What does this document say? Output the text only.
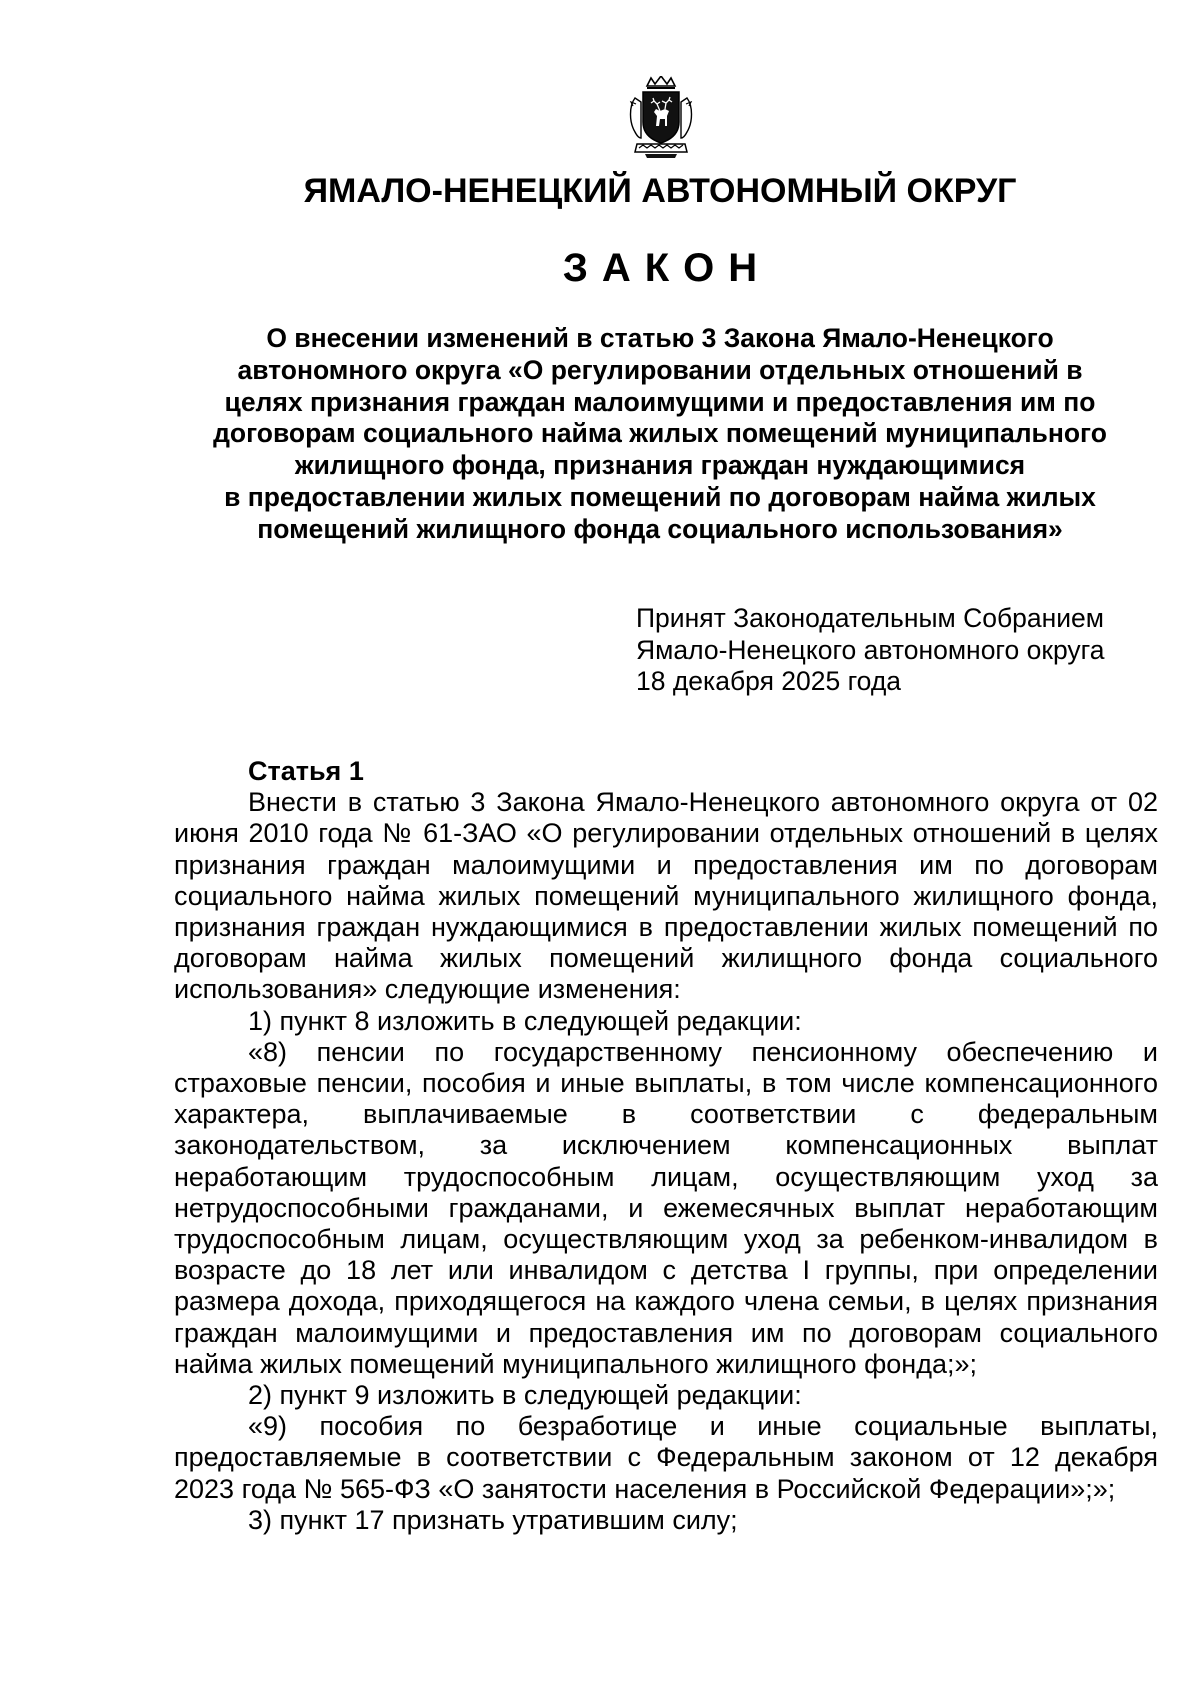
ЯМАЛО-НЕНЕЦКИЙ АВТОНОМНЫЙ ОКРУГ
ЗАКОН
О внесении изменений в статью 3 Закона Ямало-Ненецкого
автономного округа «О регулировании отдельных отношений в
целях признания граждан малоимущими и предоставления им по
договорам социального найма жилых помещений муниципального
жилищного фонда, признания граждан нуждающимися
в предоставлении жилых помещений по договорам найма жилых
помещений жилищного фонда социального использования»
Принят Законодательным Собранием
Ямало-Ненецкого автономного округа
18 декабря 2025 года
Статья 1

Внести в статью 3 Закона Ямало-Ненецкого автономного округа от 02 июня 2010 года № 61-ЗАО «О регулировании отдельных отношений в целях признания граждан малоимущими и предоставления им по договорам социального найма жилых помещений муниципального жилищного фонда, признания граждан нуждающимися в предоставлении жилых помещений по договорам найма жилых помещений жилищного фонда социального использования» следующие изменения:

1) пункт 8 изложить в следующей редакции:

«8) пенсии по государственному пенсионному обеспечению и страховые пенсии, пособия и иные выплаты, в том числе компенсационного характера, выплачиваемые в соответствии с федеральным законодательством, за исключением компенсационных выплат неработающим трудоспособным лицам, осуществляющим уход за нетрудоспособными гражданами, и ежемесячных выплат неработающим трудоспособным лицам, осуществляющим уход за ребенком-инвалидом в возрасте до 18 лет или инвалидом с детства I группы, при определении размера дохода, приходящегося на каждого члена семьи, в целях признания граждан малоимущими и предоставления им по договорам социального найма жилых помещений муниципального жилищного фонда;»;

2) пункт 9 изложить в следующей редакции:

«9) пособия по безработице и иные социальные выплаты, предоставляемые в соответствии с Федеральным законом от 12 декабря 2023 года № 565-ФЗ «О занятости населения в Российской Федерации»;»;

3) пункт 17 признать утратившим силу;
